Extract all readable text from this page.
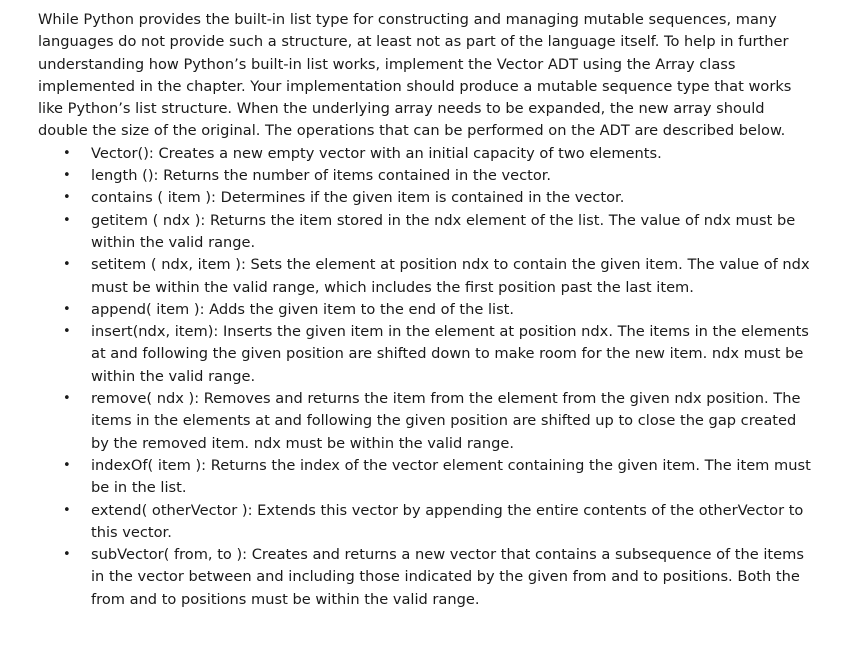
While Python provides the built-in list type for constructing and managing mutable sequences, many languages do not provide such a structure, at least not as part of the language itself. To help in further understanding how Python’s built-in list works, implement the Vector ADT using the Array class implemented in the chapter. Your implementation should produce a mutable sequence type that works like Python’s list structure. When the underlying array needs to be expanded, the new array should double the size of the original. The operations that can be performed on the ADT are described below.

• Vector(): Creates a new empty vector with an initial capacity of two elements.
• length (): Returns the number of items contained in the vector.
• contains ( item ): Determines if the given item is contained in the vector.
• getitem ( ndx ): Returns the item stored in the ndx element of the list. The value of ndx must be within the valid range.
• setitem ( ndx, item ): Sets the element at position ndx to contain the given item. The value of ndx must be within the valid range, which includes the first position past the last item.
• append( item ): Adds the given item to the end of the list.
• insert(ndx, item): Inserts the given item in the element at position ndx. The items in the elements at and following the given position are shifted down to make room for the new item. ndx must be within the valid range.
• remove( ndx ): Removes and returns the item from the element from the given ndx position. The items in the elements at and following the given position are shifted up to close the gap created by the removed item. ndx must be within the valid range.
• indexOf( item ): Returns the index of the vector element containing the given item. The item must be in the list.
• extend( otherVector ): Extends this vector by appending the entire contents of the otherVector to this vector.
• subVector( from, to ): Creates and returns a new vector that contains a subsequence of the items in the vector between and including those indicated by the given from and to positions. Both the from and to positions must be within the valid range.
